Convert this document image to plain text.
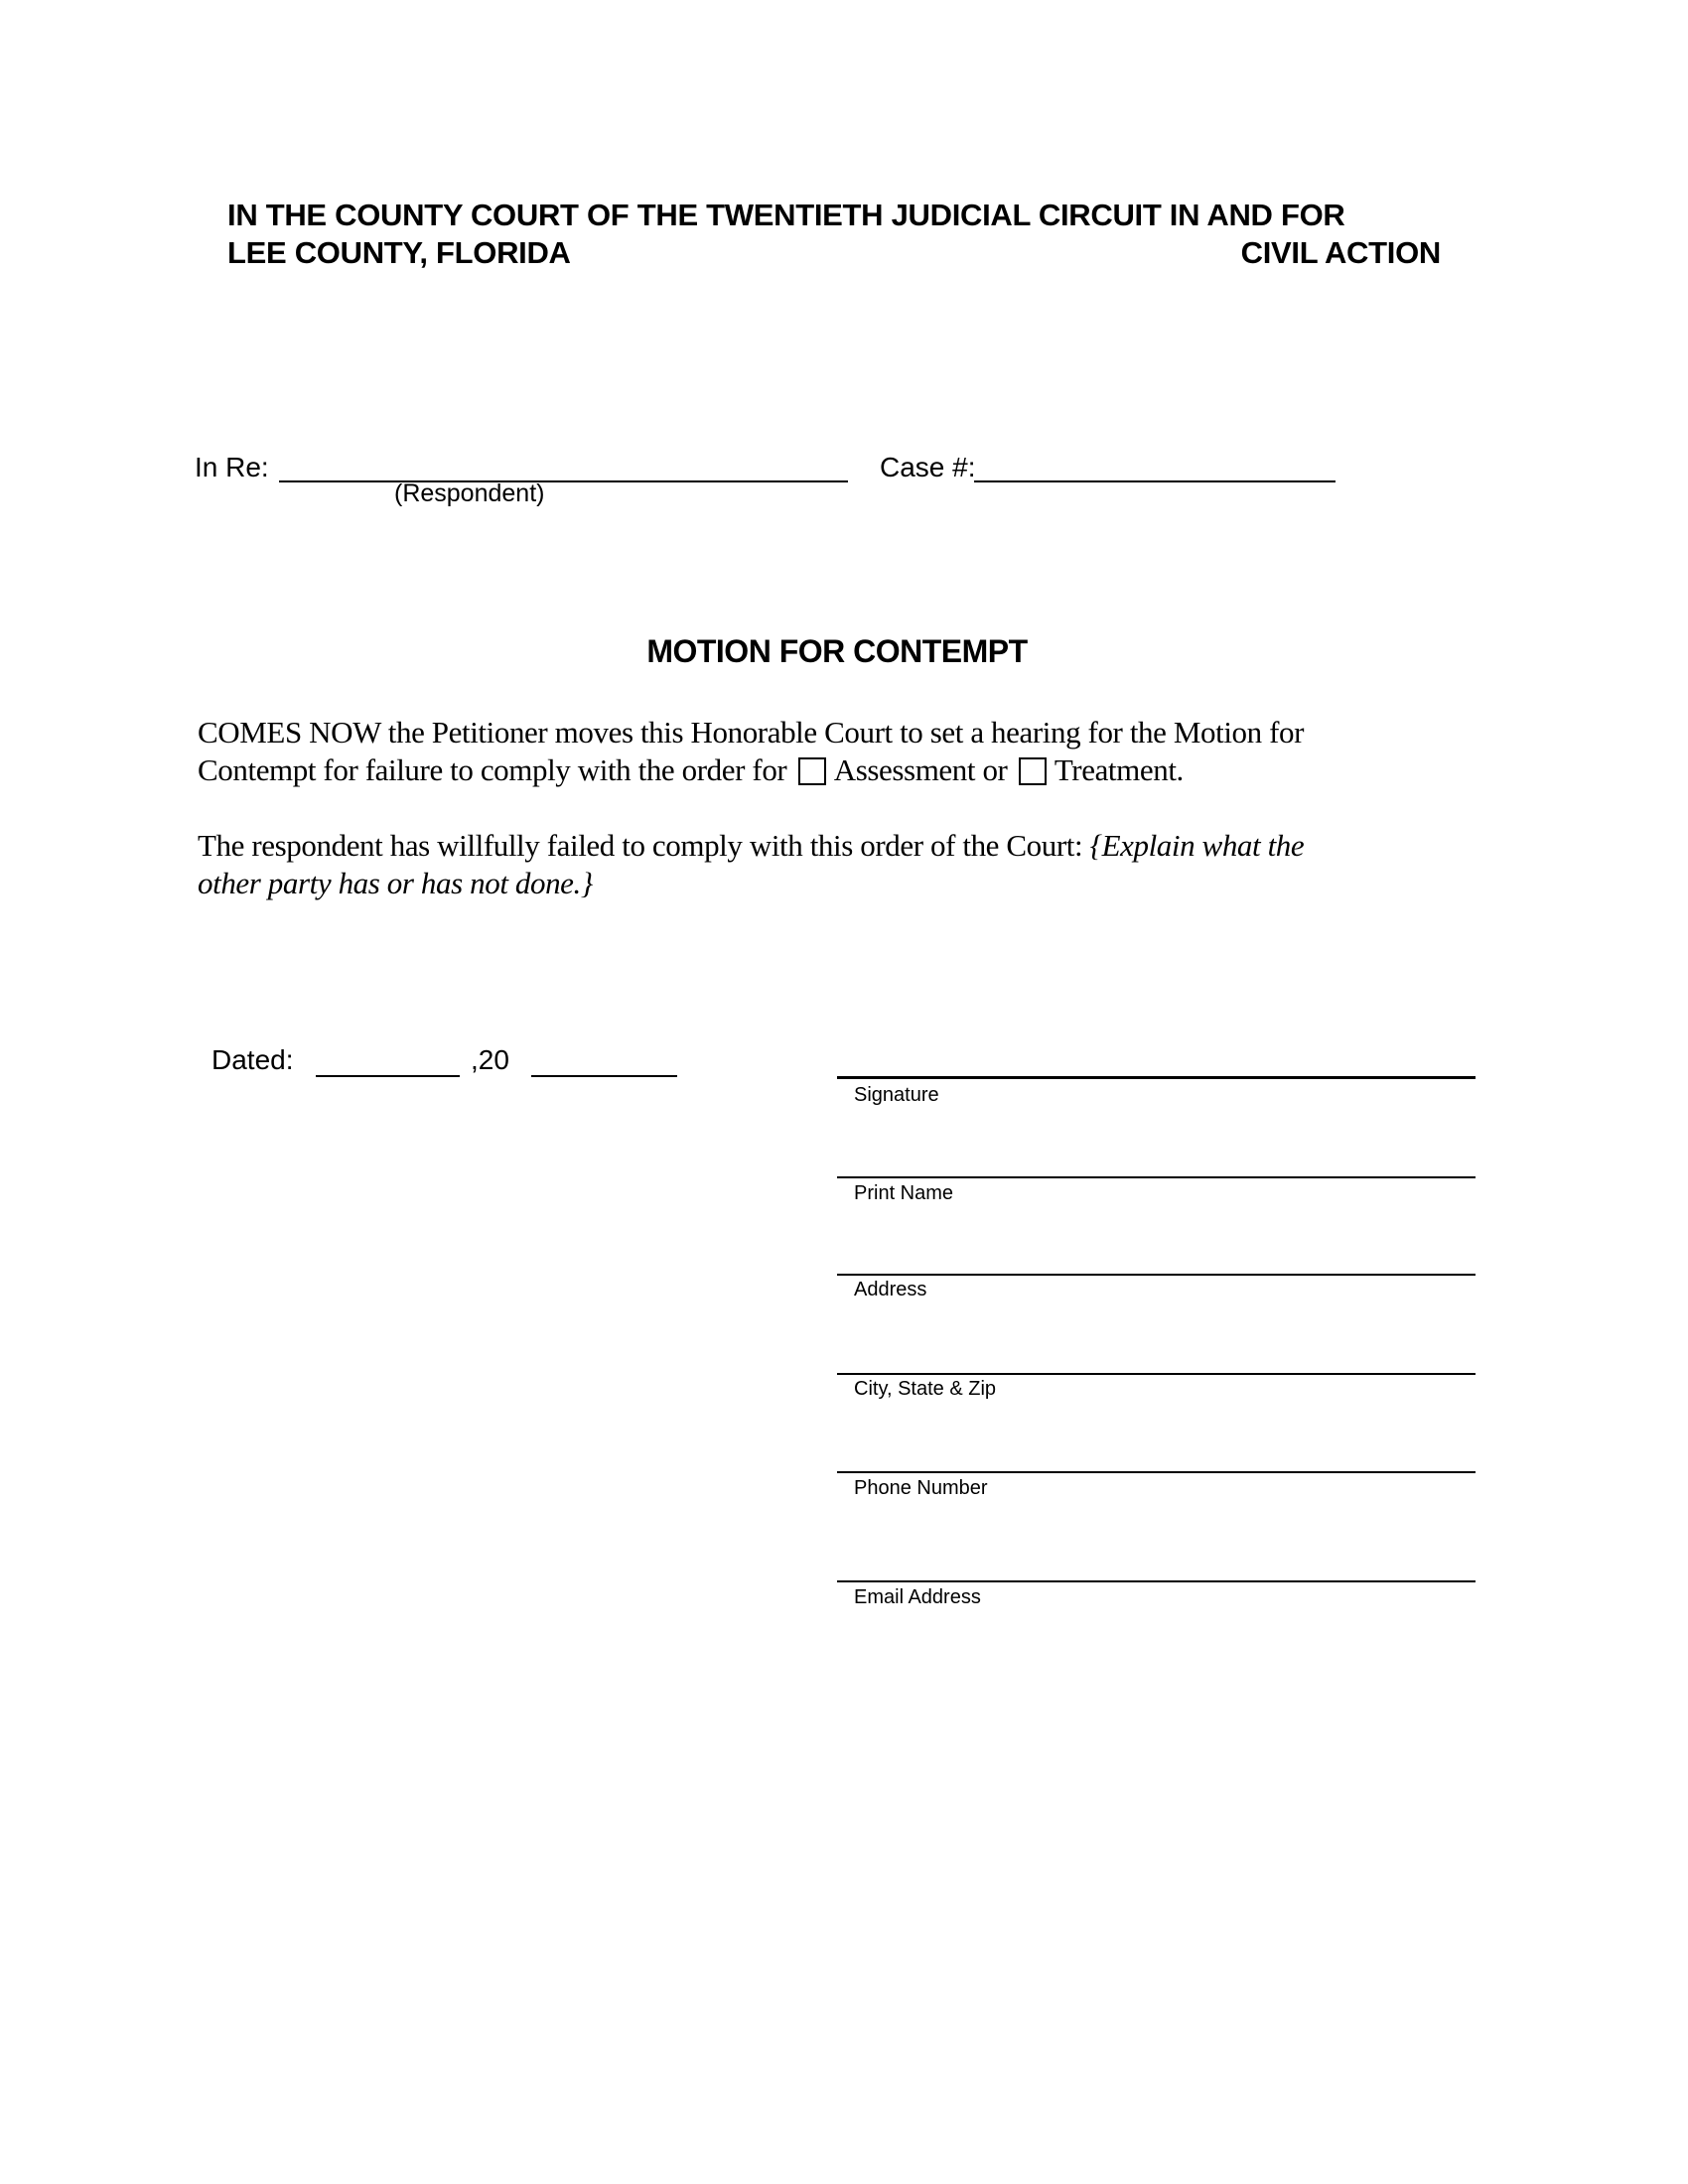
IN THE COUNTY COURT OF THE TWENTIETH JUDICIAL CIRCUIT IN AND FOR
LEE COUNTY, FLORIDA	CIVIL ACTION
In Re:
(Respondent)
Case #:
MOTION FOR CONTEMPT
COMES NOW the Petitioner moves this Honorable Court to set a hearing for the Motion for
Contempt for failure to comply with the order for Assessment or Treatment.
The respondent has willfully failed to comply with this order of the Court: {Explain what the
other party has or has not done.}
Dated:	,20
Signature
Print Name
Address
City, State & Zip
Phone Number
Email Address
